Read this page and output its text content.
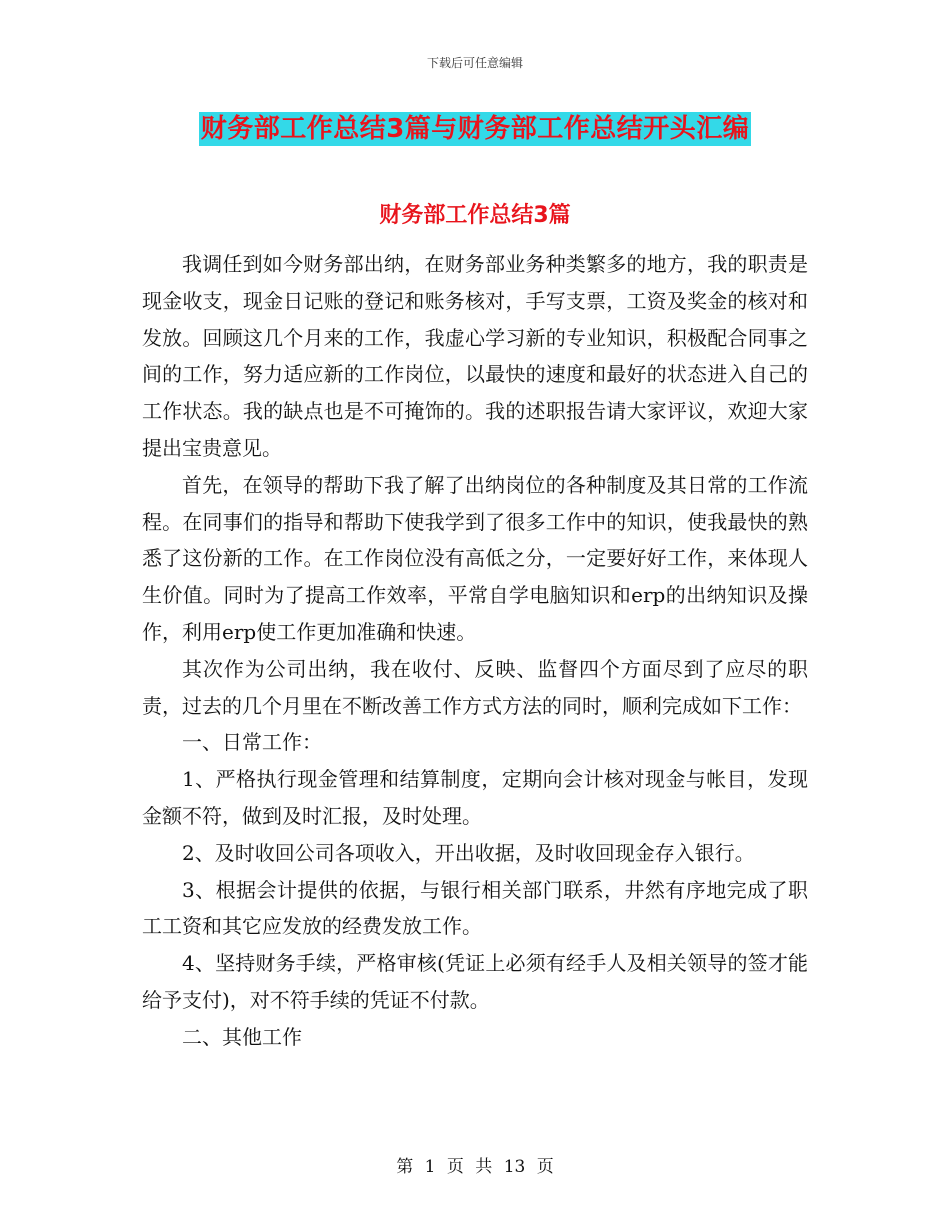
下载后可任意编辑
财务部工作总结3篇与财务部工作总结开头汇编
财务部工作总结3篇

我调任到如今财务部出纳，在财务部业务种类繁多的地方，我的职责是现金收支，现金日记账的登记和账务核对，手写支票，工资及奖金的核对和发放。回顾这几个月来的工作，我虚心学习新的专业知识，积极配合同事之间的工作，努力适应新的工作岗位，以最快的速度和最好的状态进入自己的工作状态。我的缺点也是不可掩饰的。我的述职报告请大家评议，欢迎大家提出宝贵意见。

首先，在领导的帮助下我了解了出纳岗位的各种制度及其日常的工作流程。在同事们的指导和帮助下使我学到了很多工作中的知识，使我最快的熟悉了这份新的工作。在工作岗位没有高低之分，一定要好好工作，来体现人生价值。同时为了提高工作效率，平常自学电脑知识和erp的出纳知识及操作，利用erp使工作更加准确和快速。

其次作为公司出纳，我在收付、反映、监督四个方面尽到了应尽的职责，过去的几个月里在不断改善工作方式方法的同时，顺利完成如下工作：

一、日常工作：

1、严格执行现金管理和结算制度，定期向会计核对现金与帐目，发现金额不符，做到及时汇报，及时处理。

2、及时收回公司各项收入，开出收据，及时收回现金存入银行。

3、根据会计提供的依据，与银行相关部门联系，井然有序地完成了职工工资和其它应发放的经费发放工作。

4、坚持财务手续，严格审核(凭证上必须有经手人及相关领导的签才能给予支付)，对不符手续的凭证不付款。

二、其他工作

第 1 页 共 13 页
